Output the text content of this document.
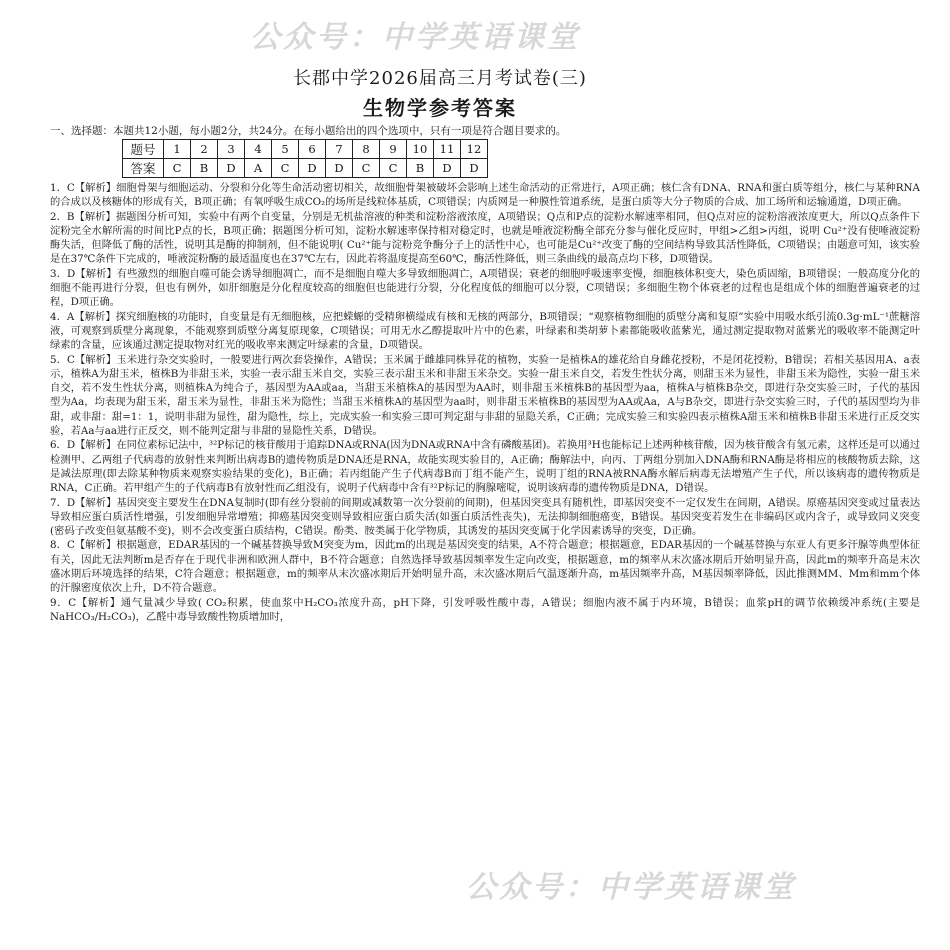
公众号：中学英语课堂
公众号：中学英语课堂
长郡中学2026届高三月考试卷(三)
生物学参考答案
一、选择题：本题共12小题，每小题2分，共24分。在每小题给出的四个选项中，只有一项是符合题目要求的。
题号	1	2	3	4	5	6	7	8	9	10	11	12
答案	C	B	D	A	C	D	D	C	C	B	D	D

1．C【解析】细胞骨架与细胞运动、分裂和分化等生命活动密切相关，故细胞骨架被破坏会影响上述生命活动的正常进行，A项正确；核仁含有DNA、RNA和蛋白质等组分，核仁与某种RNA的合成以及核糖体的形成有关，B项正确；有氧呼吸生成CO₂的场所是线粒体基质，C项错误；内质网是一种膜性管道系统，是蛋白质等大分子物质的合成、加工场所和运输通道，D项正确。

2．B【解析】据题图分析可知，实验中有两个自变量，分别是无机盐溶液的种类和淀粉溶液浓度，A项错误；Q点和P点的淀粉水解速率相同，但Q点对应的淀粉溶液浓度更大，所以Q点条件下淀粉完全水解所需的时间比P点的长，B项正确；据题图分析可知，淀粉水解速率保持相对稳定时，也就是唾液淀粉酶全部充分参与催化反应时，甲组>乙组>丙组，说明 Cu²⁺没有使唾液淀粉酶失活，但降低了酶的活性，说明其是酶的抑制剂，但不能说明( Cu²⁺能与淀粉竞争酶分子上的活性中心，也可能是Cu²⁺改变了酶的空间结构导致其活性降低，C项错误；由题意可知，该实验是在37℃条件下完成的，唾液淀粉酶的最适温度也在37℃左右，因此若将温度提高至60℃，酶活性降低，则三条曲线的最高点均下移，D项错误。

3．D【解析】有些激烈的细胞自噬可能会诱导细胞凋亡，而不是细胞自噬大多导致细胞凋亡，A项错误；衰老的细胞呼吸速率变慢，细胞核体积变大，染色质固缩，B项错误；一般高度分化的细胞不能再进行分裂，但也有例外，如肝细胞是分化程度较高的细胞但也能进行分裂，分化程度低的细胞可以分裂，C项错误；多细胞生物个体衰老的过程也是组成个体的细胞普遍衰老的过程，D项正确。

4．A【解析】探究细胞核的功能时，自变量是有无细胞核，应把蝾螈的受精卵横缢成有核和无核的两部分，B项错误；“观察植物细胞的质壁分离和复原”实验中用吸水纸引流0.3g·mL⁻¹蔗糖溶液，可观察到质壁分离现象，不能观察到质壁分离复原现象，C项错误；可用无水乙醇提取叶片中的色素，叶绿素和类胡萝卜素都能吸收蓝紫光，通过测定提取物对蓝紫光的吸收率不能测定叶绿素的含量，应该通过测定提取物对红光的吸收率来测定叶绿素的含量，D项错误。

5．C【解析】玉米进行杂交实验时，一般要进行两次套袋操作，A错误；玉米属于雌雄同株异花的植物，实验一是植株A的雄花给自身雌花授粉，不是闭花授粉，B错误；若相关基因用A、a表示，植株A为甜玉米，植株B为非甜玉米，实验一表示甜玉米自交，实验三表示甜玉米和非甜玉米杂交。实验一甜玉米自交，若发生性状分离，则甜玉米为显性，非甜玉米为隐性，实验一甜玉米自交，若不发生性状分离，则植株A为纯合子，基因型为AA或aa，当甜玉米植株A的基因型为AA时，则非甜玉米植株B的基因型为aa，植株A与植株B杂交，即进行杂交实验三时，子代的基因型为Aa，均表现为甜玉米，甜玉米为显性，非甜玉米为隐性；当甜玉米植株A的基因型为aa时，则非甜玉米植株B的基因型为AA或Aa，A与B杂交，即进行杂交实验三时，子代的基因型均为非甜，或非甜：甜=1：1，说明非甜为显性，甜为隐性，综上，完成实验一和实验三即可判定甜与非甜的显隐关系，C正确；完成实验三和实验四表示植株A甜玉米和植株B非甜玉米进行正反交实验，若Aa与aa进行正反交，则不能判定甜与非甜的显隐性关系，D错误。

6．D【解析】在同位素标记法中，³²P标记的核苷酸用于追踪DNA或RNA(因为DNA或RNA中含有磷酸基团)。若换用³H也能标记上述两种核苷酸，因为核苷酸含有氢元素，这样还是可以通过检测甲、乙两组子代病毒的放射性来判断出病毒B的遗传物质是DNA还是RNA，故能实现实验目的，A正确；酶解法中，向丙、丁两组分别加入DNA酶和RNA酶是将相应的核酸物质去除，这是减法原理(即去除某种物质来观察实验结果的变化)，B正确；若丙组能产生子代病毒B而丁组不能产生，说明丁组的RNA被RNA酶水解后病毒无法增殖产生子代，所以该病毒的遗传物质是RNA，C正确。若甲组产生的子代病毒B有放射性而乙组没有，说明子代病毒中含有³²P标记的胸腺嘧啶，说明该病毒的遗传物质是DNA，D错误。

7．D【解析】基因突变主要发生在DNA复制时(即有丝分裂前的间期或减数第一次分裂前的间期)，但基因突变具有随机性，即基因突变不一定仅发生在间期，A错误。原癌基因突变或过量表达导致相应蛋白质活性增强，引发细胞异常增殖；抑癌基因突变则导致相应蛋白质失活(如蛋白质活性丧失)，无法抑制细胞癌变，B错误。基因突变若发生在非编码区或内含子，或导致同义突变(密码子改变但氨基酸不变)，则不会改变蛋白质结构，C错误。酚类、胺类属于化学物质，其诱发的基因突变属于化学因素诱导的突变，D正确。

8．C【解析】根据题意，EDAR基因的一个碱基替换导致M突变为m，因此m的出现是基因突变的结果，A不符合题意；根据题意，EDAR基因的一个碱基替换与东亚人有更多汗腺等典型体征有关，因此无法判断m是否存在于现代非洲和欧洲人群中，B不符合题意；自然选择导致基因频率发生定向改变，根据题意，m的频率从末次盛冰期后开始明显升高，因此m的频率升高是末次盛冰期后环境选择的结果，C符合题意；根据题意，m的频率从末次盛冰期后开始明显升高，末次盛冰期后气温逐渐升高，m基因频率升高，M基因频率降低，因此推测MM、Mm和mm个体的汗腺密度依次上升，D不符合题意。

9．C【解析】通气量减少导致( CO₂积累，使血浆中H₂CO₃浓度升高，pH下降，引发呼吸性酸中毒，A错误；细胞内液不属于内环境，B错误；血浆pH的调节依赖缓冲系统(主要是NaHCO₃/H₂CO₃)，乙醛中毒导致酸性物质增加时，
